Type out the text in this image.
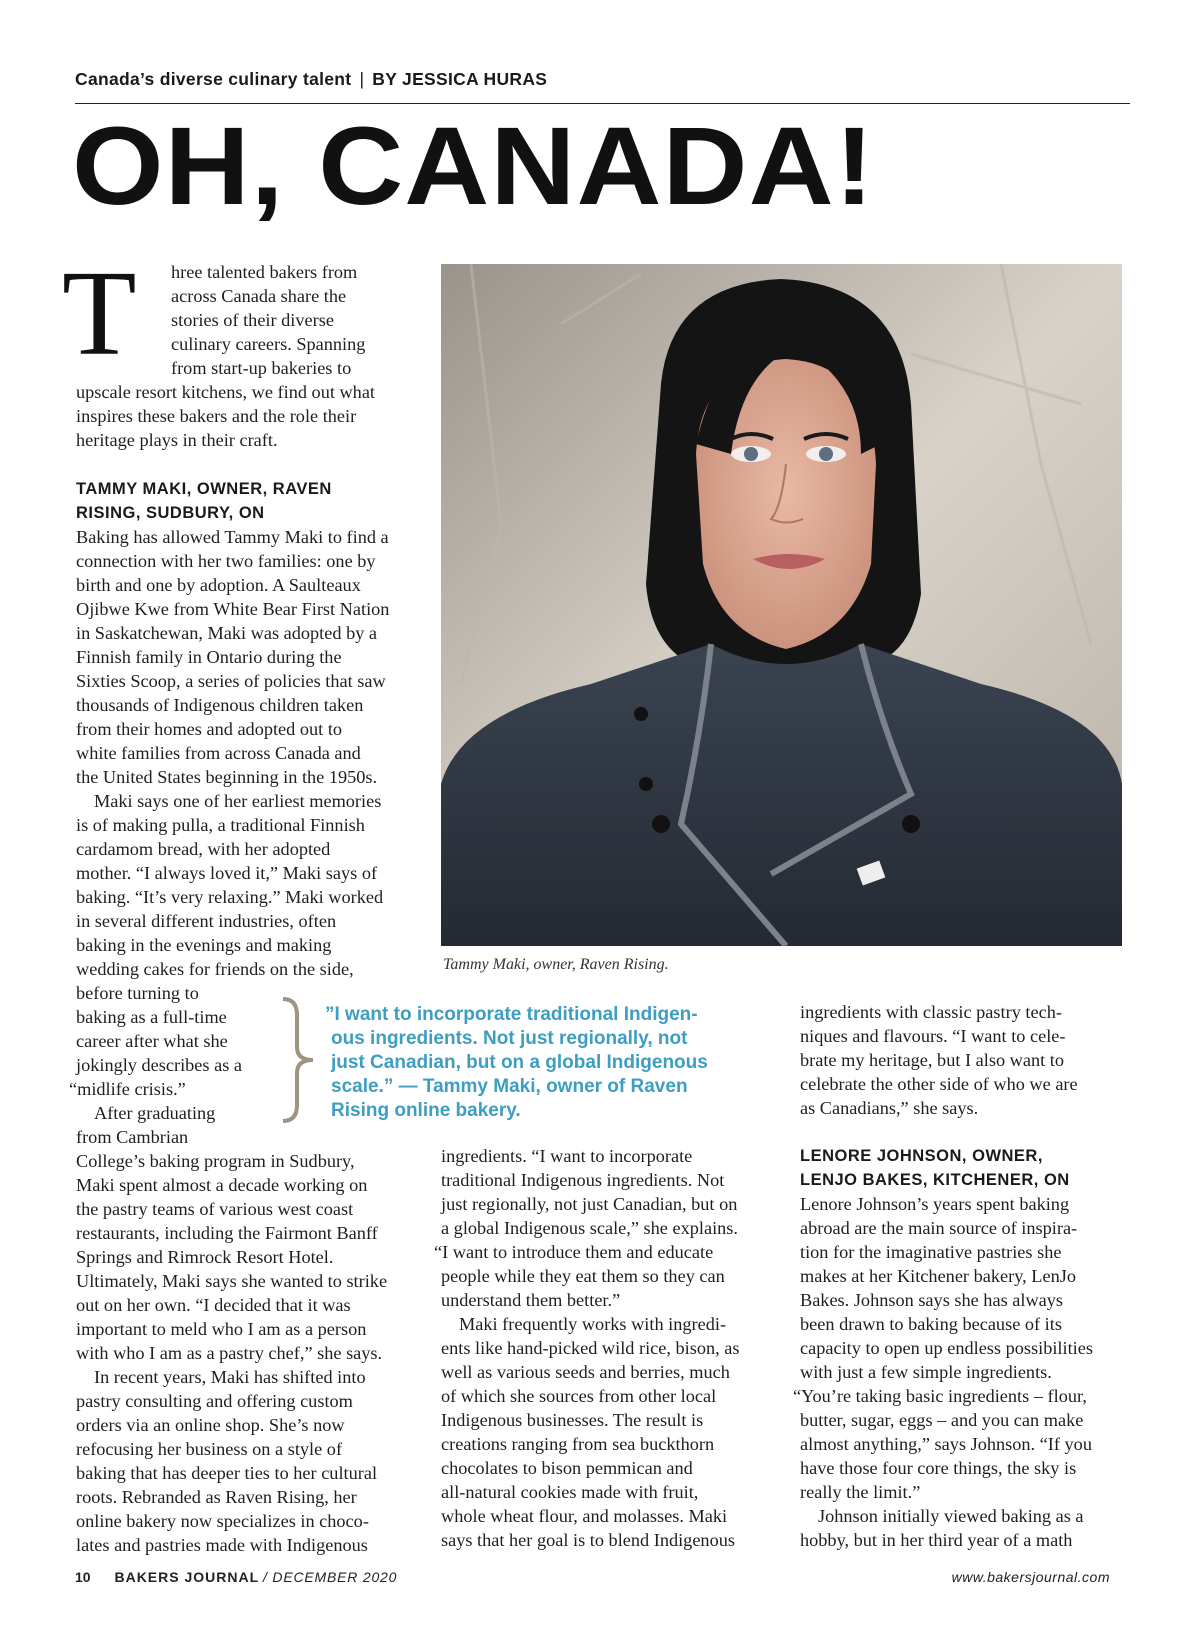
Canada’s diverse culinary talent | BY JESSICA HURAS
OH, CANADA!
T hree talented bakers from

across Canada share the

stories of their diverse

culinary careers. Spanning

from start-up bakeries to

upscale resort kitchens, we find out what

inspires these bakers and the role their

heritage plays in their craft.

TAMMY MAKI, OWNER, RAVEN
RISING, SUDBURY, ON

Baking has allowed Tammy Maki to find a

connection with her two families: one by

birth and one by adoption. A Saulteaux

Ojibwe Kwe from White Bear First Nation

in Saskatchewan, Maki was adopted by a

Finnish family in Ontario during the

Sixties Scoop, a series of policies that saw

thousands of Indigenous children taken

from their homes and adopted out to

white families from across Canada and

the United States beginning in the 1950s.

Maki says one of her earliest memories

is of making pulla, a traditional Finnish

cardamom bread, with her adopted

mother. “I always loved it,” Maki says of

baking. “It’s very relaxing.” Maki worked

in several different industries, often

baking in the evenings and making

wedding cakes for friends on the side,

before turning to

baking as a full-time

career after what she

jokingly describes as a

“midlife crisis.”

After graduating

from Cambrian

College’s baking program in Sudbury,

Maki spent almost a decade working on

the pastry teams of various west coast

restaurants, including the Fairmont Banff

Springs and Rimrock Resort Hotel.

Ultimately, Maki says she wanted to strike

out on her own. “I decided that it was

important to meld who I am as a person

with who I am as a pastry chef,” she says.

In recent years, Maki has shifted into

pastry consulting and offering custom

orders via an online shop. She’s now

refocusing her business on a style of

baking that has deeper ties to her cultural

roots. Rebranded as Raven Rising, her

online bakery now specializes in choco-

lates and pastries made with Indigenous

Tammy Maki, owner, Raven Rising.
”I want to incorporate traditional Indigen-
ous ingredients. Not just regionally, not
just Canadian, but on a global Indigenous
scale.” — Tammy Maki, owner of Raven
Rising online bakery.

ingredients. “I want to incorporate

traditional Indigenous ingredients. Not

just regionally, not just Canadian, but on

a global Indigenous scale,” she explains.

“I want to introduce them and educate

people while they eat them so they can

understand them better.”

Maki frequently works with ingredi-

ents like hand-picked wild rice, bison, as

well as various seeds and berries, much

of which she sources from other local

Indigenous businesses. The result is

creations ranging from sea buckthorn

chocolates to bison pemmican and

all-natural cookies made with fruit,

whole wheat flour, and molasses. Maki

says that her goal is to blend Indigenous

ingredients with classic pastry tech-

niques and flavours. “I want to cele-

brate my heritage, but I also want to

celebrate the other side of who we are

as Canadians,” she says.

LENORE JOHNSON, OWNER,
LENJO BAKES, KITCHENER, ON

Lenore Johnson’s years spent baking

abroad are the main source of inspira-

tion for the imaginative pastries she

makes at her Kitchener bakery, LenJo

Bakes. Johnson says she has always

been drawn to baking because of its

capacity to open up endless possibilities

with just a few simple ingredients.

“You’re taking basic ingredients – flour,

butter, sugar, eggs – and you can make

almost anything,” says Johnson. “If you

have those four core things, the sky is

really the limit.”

Johnson initially viewed baking as a

hobby, but in her third year of a math

10 BAKERS JOURNAL / DECEMBER 2020	www.bakersjournal.com
